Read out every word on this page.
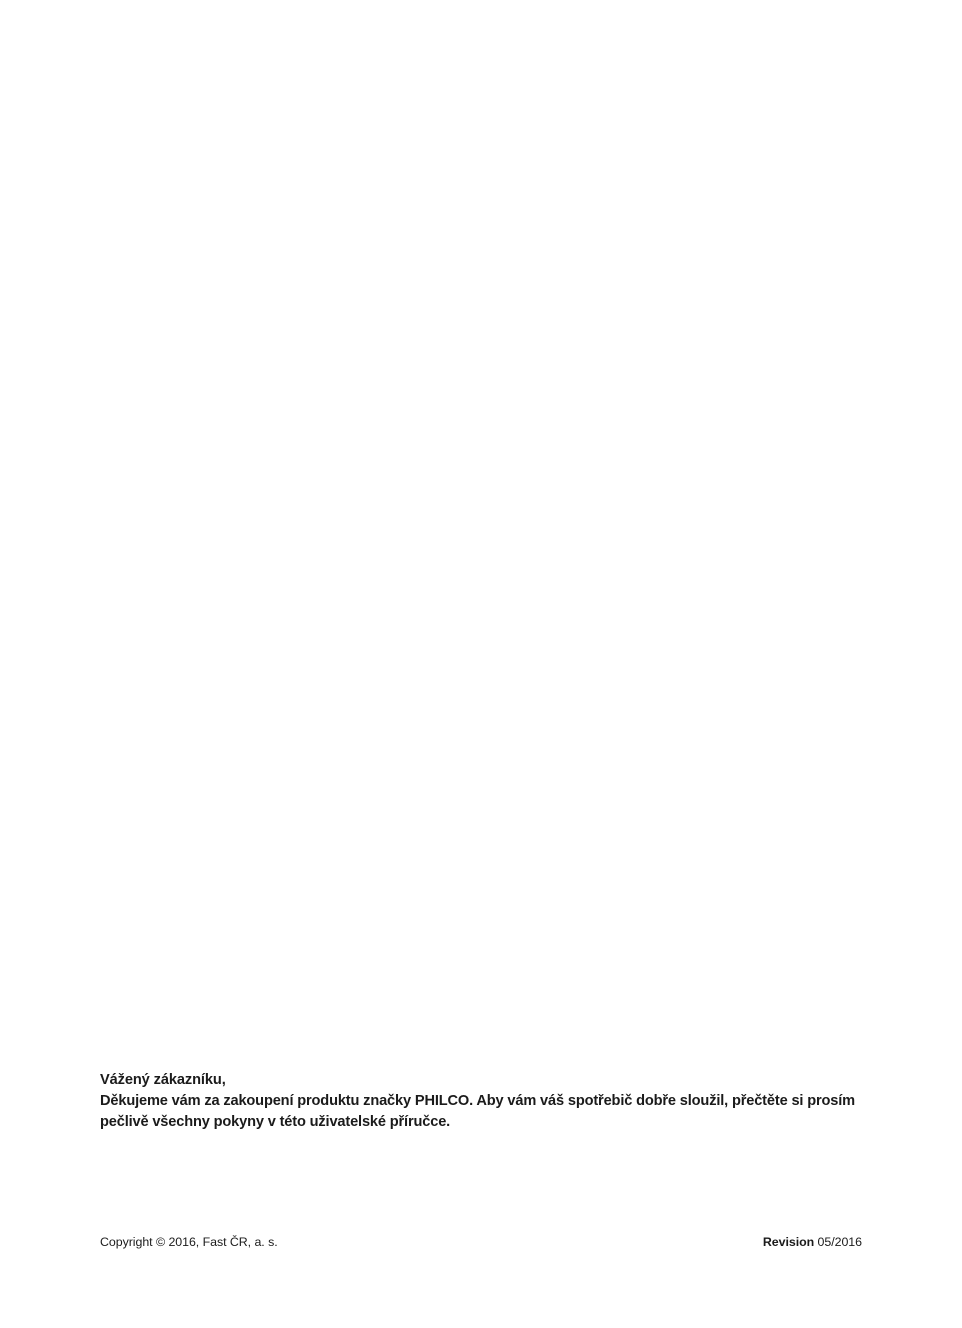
Vážený zákazníku,

Děkujeme vám za zakoupení produktu značky PHILCO. Aby vám váš spotřebič dobře sloužil, přečtěte si prosím pečlivě všechny pokyny v této uživatelské příručce.

Copyright © 2016, Fast ČR, a. s.	Revision 05/2016
